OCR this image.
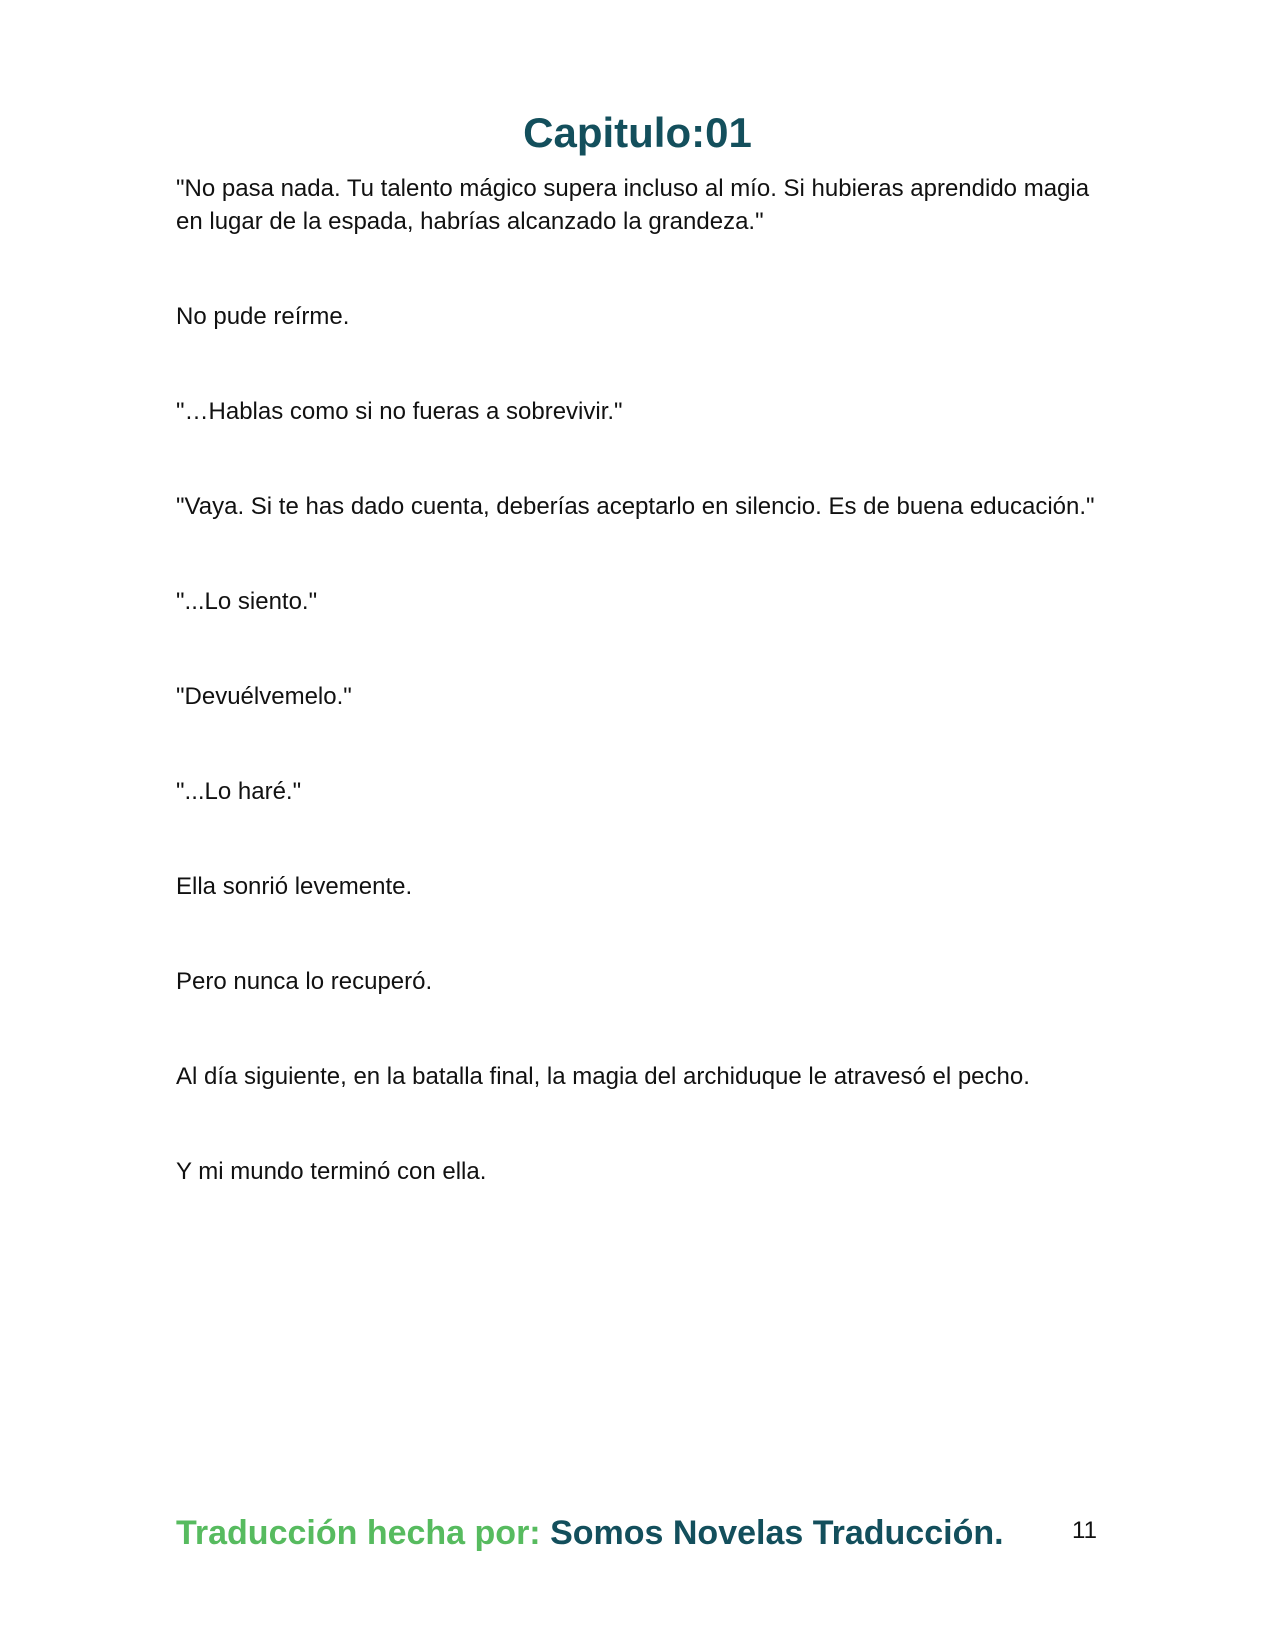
Capitulo:01

"No pasa nada. Tu talento mágico supera incluso al mío. Si hubieras aprendido magia en lugar de la espada, habrías alcanzado la grandeza."

No pude reírme.

"…Hablas como si no fueras a sobrevivir."

"Vaya. Si te has dado cuenta, deberías aceptarlo en silencio. Es de buena educación."

"...Lo siento."

"Devuélvemelo."

"...Lo haré."

Ella sonrió levemente.

Pero nunca lo recuperó.

Al día siguiente, en la batalla final, la magia del archiduque le atravesó el pecho.

Y mi mundo terminó con ella.

Traducción hecha por: Somos Novelas Traducción.	11
